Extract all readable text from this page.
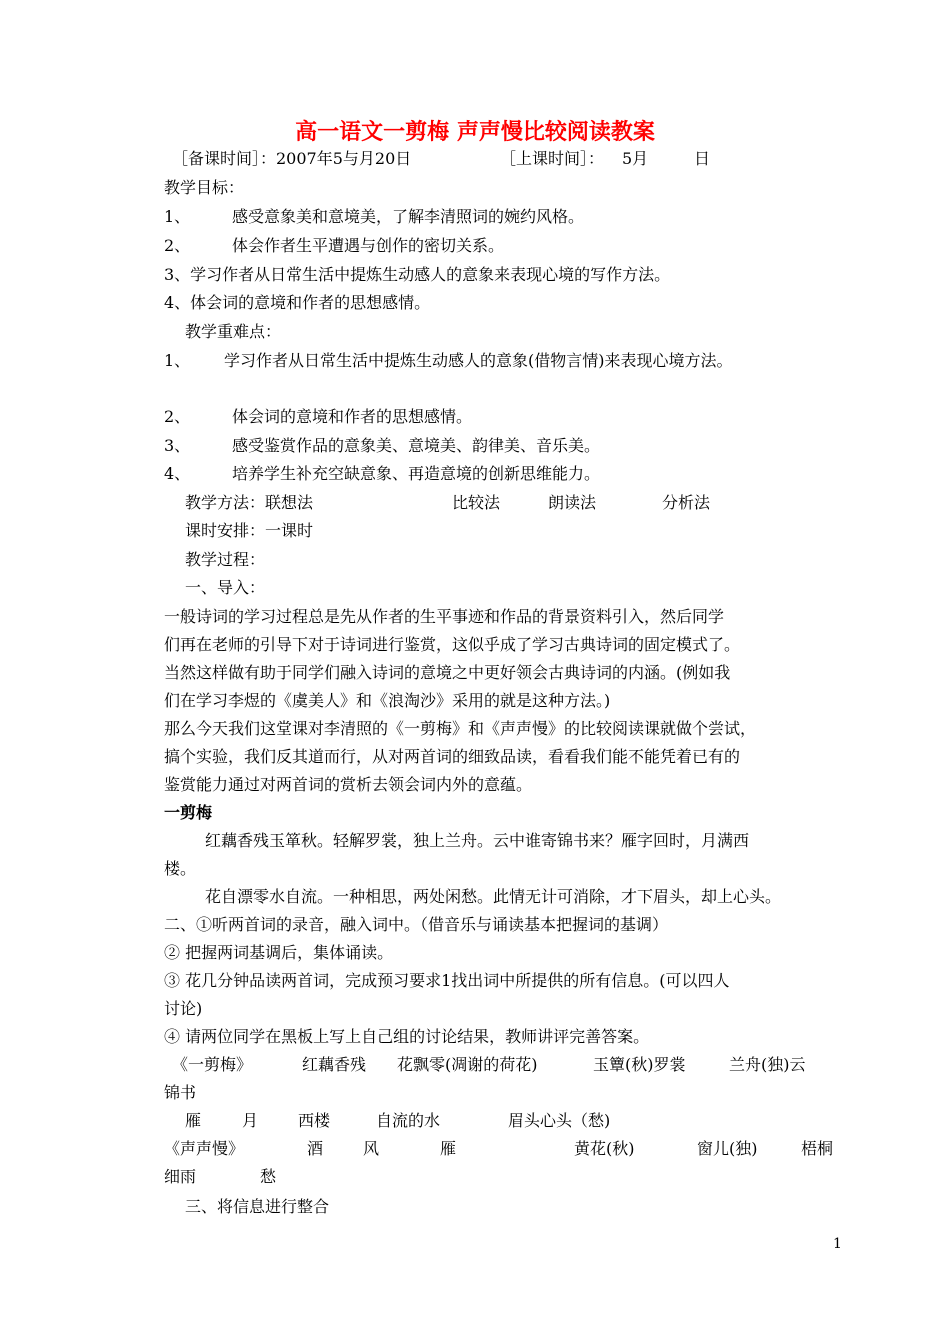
高一语文一剪梅 声声慢比较阅读教案
［备课时间］：2007年5与月20日	［上课时间］： 5月	日
教学目标：
1、	感受意象美和意境美，了解李清照词的婉约风格。
2、	体会作者生平遭遇与创作的密切关系。
3、学习作者从日常生活中提炼生动感人的意象来表现心境的写作方法。
4、体会词的意境和作者的思想感情。
教学重难点：
1、 学习作者从日常生活中提炼生动感人的意象(借物言情)来表现心境方法。
2、	体会词的意境和作者的思想感情。
3、	感受鉴赏作品的意象美、意境美、韵律美、音乐美。
4、	培养学生补充空缺意象、再造意境的创新思维能力。
教学方法：联想法	比较法	朗读法	分析法
课时安排：一课时
教学过程：
一、导入：
一般诗词的学习过程总是先从作者的生平事迹和作品的背景资料引入，然后同学
们再在老师的引导下对于诗词进行鉴赏，这似乎成了学习古典诗词的固定模式了。
当然这样做有助于同学们融入诗词的意境之中更好领会古典诗词的内涵。(例如我
们在学习李煜的《虞美人》和《浪淘沙》采用的就是这种方法。)
那么今天我们这堂课对李清照的《一剪梅》和《声声慢》的比较阅读课就做个尝试，
搞个实验，我们反其道而行，从对两首词的细致品读，看看我们能不能凭着已有的
鉴赏能力通过对两首词的赏析去领会词内外的意蕴。
一剪梅
红藕香残玉箪秋。轻解罗裳，独上兰舟。云中谁寄锦书来？雁字回时，月满西
楼。
花自漂零水自流。一种相思，两处闲愁。此情无计可消除，才下眉头，却上心头。
二、①听两首词的录音，融入词中。（借音乐与诵读基本把握词的基调）
② 把握两词基调后，集体诵读。
③ 花几分钟品读两首词，完成预习要求1找出词中所提供的所有信息。(可以四人
讨论)
④ 请两位同学在黑板上写上自己组的讨论结果，教师讲评完善答案。
《一剪梅》	红藕香残 花飘零(凋谢的荷花)	玉簟(秋)罗裳	兰舟(独)云
锦书
雁	月 西楼	自流的水	眉头心头（愁)
《声声慢》	酒 风	雁	黄花(秋)	窗儿(独)	梧桐
细雨	愁
三、将信息进行整合
1
